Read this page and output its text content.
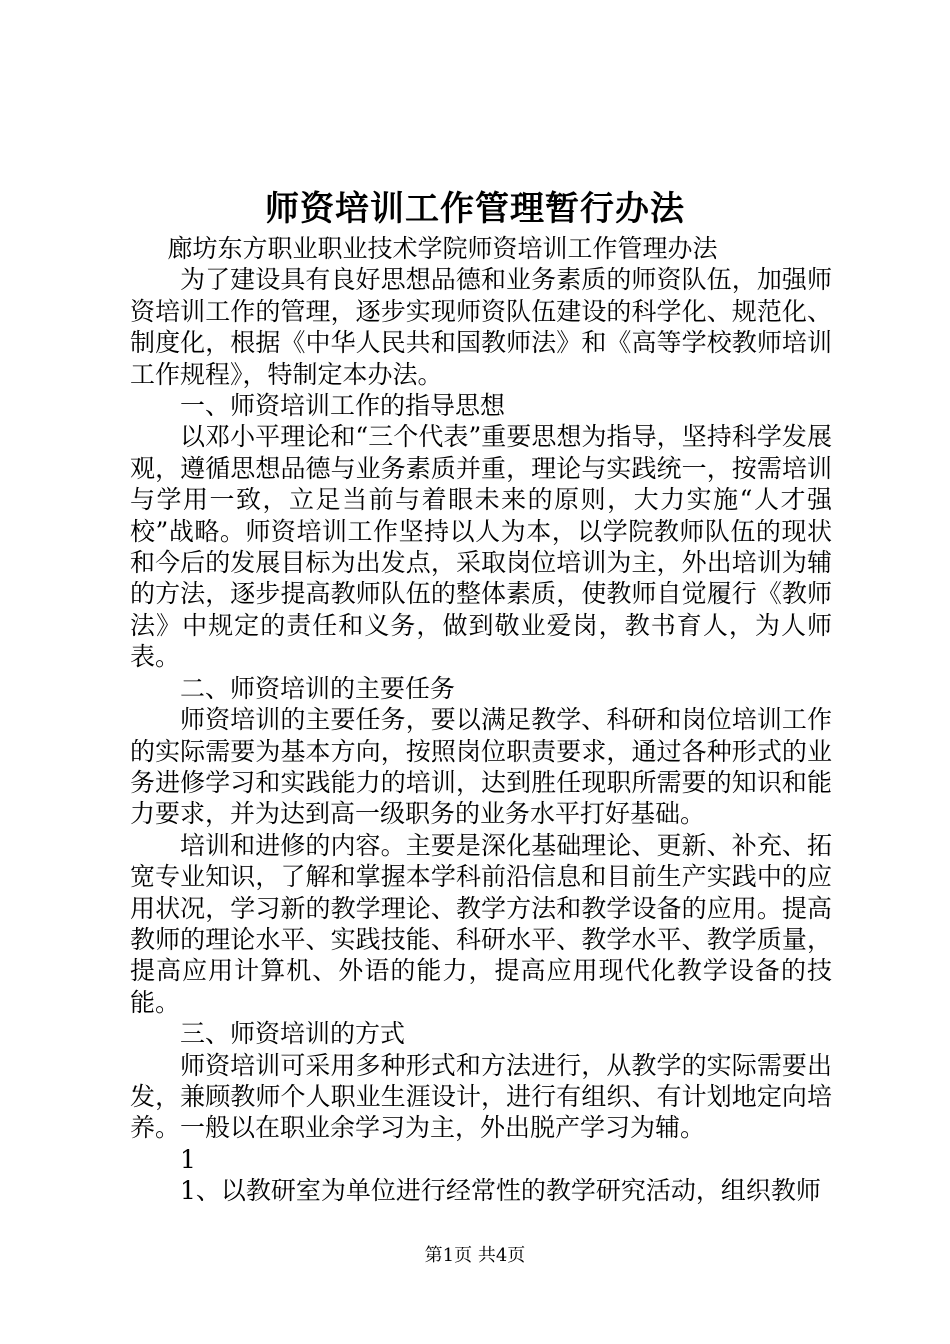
师资培训工作管理暂行办法

廊坊东方职业职业技术学院师资培训工作管理办法

为了建设具有良好思想品德和业务素质的师资队伍，加强师资培训工作的管理，逐步实现师资队伍建设的科学化、规范化、制度化，根据《中华人民共和国教师法》和《高等学校教师培训工作规程》，特制定本办法。

一、师资培训工作的指导思想

以邓小平理论和“三个代表”重要思想为指导，坚持科学发展观，遵循思想品德与业务素质并重，理论与实践统一，按需培训与学用一致，立足当前与着眼未来的原则，大力实施“人才强校”战略。师资培训工作坚持以人为本，以学院教师队伍的现状和今后的发展目标为出发点，采取岗位培训为主，外出培训为辅的方法，逐步提高教师队伍的整体素质，使教师自觉履行《教师法》中规定的责任和义务，做到敬业爱岗，教书育人，为人师表。

二、师资培训的主要任务

师资培训的主要任务，要以满足教学、科研和岗位培训工作的实际需要为基本方向，按照岗位职责要求，通过各种形式的业务进修学习和实践能力的培训，达到胜任现职所需要的知识和能力要求，并为达到高一级职务的业务水平打好基础。

培训和进修的内容。主要是深化基础理论、更新、补充、拓宽专业知识，了解和掌握本学科前沿信息和目前生产实践中的应用状况，学习新的教学理论、教学方法和教学设备的应用。提高教师的理论水平、实践技能、科研水平、教学水平、教学质量，提高应用计算机、外语的能力，提高应用现代化教学设备的技能。

三、师资培训的方式

师资培训可采用多种形式和方法进行，从教学的实际需要出发，兼顾教师个人职业生涯设计，进行有组织、有计划地定向培养。一般以在职业余学习为主，外出脱产学习为辅。

1

1、以教研室为单位进行经常性的教学研究活动，组织教师

第1页 共4页
